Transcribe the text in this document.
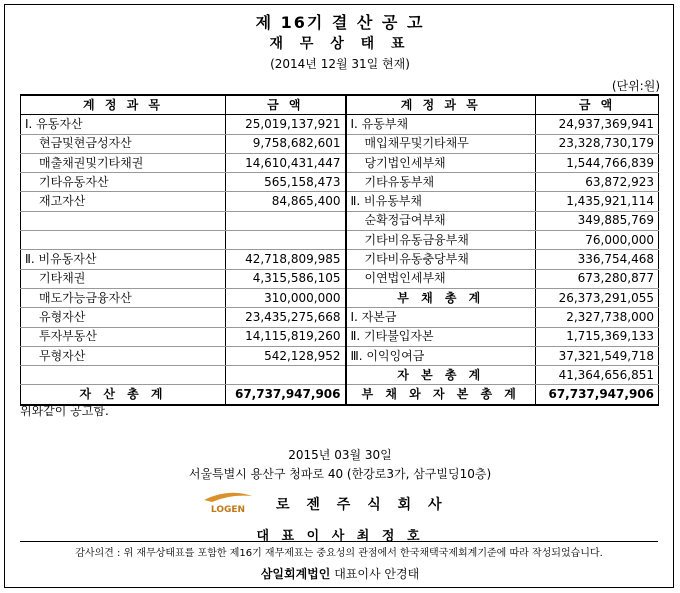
제 16기 결 산 공 고
재 무 상 태 표
(2014년 12월 31일 현재)
(단위:원)
계 정 과 목	금 액	계 정 과 목	금 액
Ⅰ. 유동자산	25,019,137,921	Ⅰ. 유동부채	24,937,369,941
현금및현금성자산	9,758,682,601	매입채무및기타채무	23,328,730,179
매출채권및기타채권	14,610,431,447	당기법인세부채	1,544,766,839
기타유동자산	565,158,473	기타유동부채	63,872,923
재고자산	84,865,400	Ⅱ. 비유동부채	1,435,921,114
		순확정급여부채	349,885,769
		기타비유동금융부채	76,000,000
Ⅱ. 비유동자산	42,718,809,985	기타비유동충당부채	336,754,468
기타채권	4,315,586,105	이연법인세부채	673,280,877
매도가능금융자산	310,000,000	부 채 총 계	26,373,291,055
유형자산	23,435,275,668	Ⅰ. 자본금	2,327,738,000
투자부동산	14,115,819,260	Ⅱ. 기타불입자본	1,715,369,133
무형자산	542,128,952	Ⅲ. 이익잉여금	37,321,549,718
		자 본 총 계	41,364,656,851
자 산 총 계	67,737,947,906	부 채 와 자 본 총 계	67,737,947,906
위와같이 공고함.
2015년 03월 30일
서울특별시 용산구 청파로 40 (한강로3가, 삼구빌딩10층)
LOGEN 로 젠 주 식 회 사
대 표 이 사 최 정 호
감사의견 : 위 재무상태표를 포함한 제16기 재무제표는 중요성의 관점에서 한국채택국제회계기준에 따라 작성되었습니다.
삼일회계법인 대표이사 안경태
